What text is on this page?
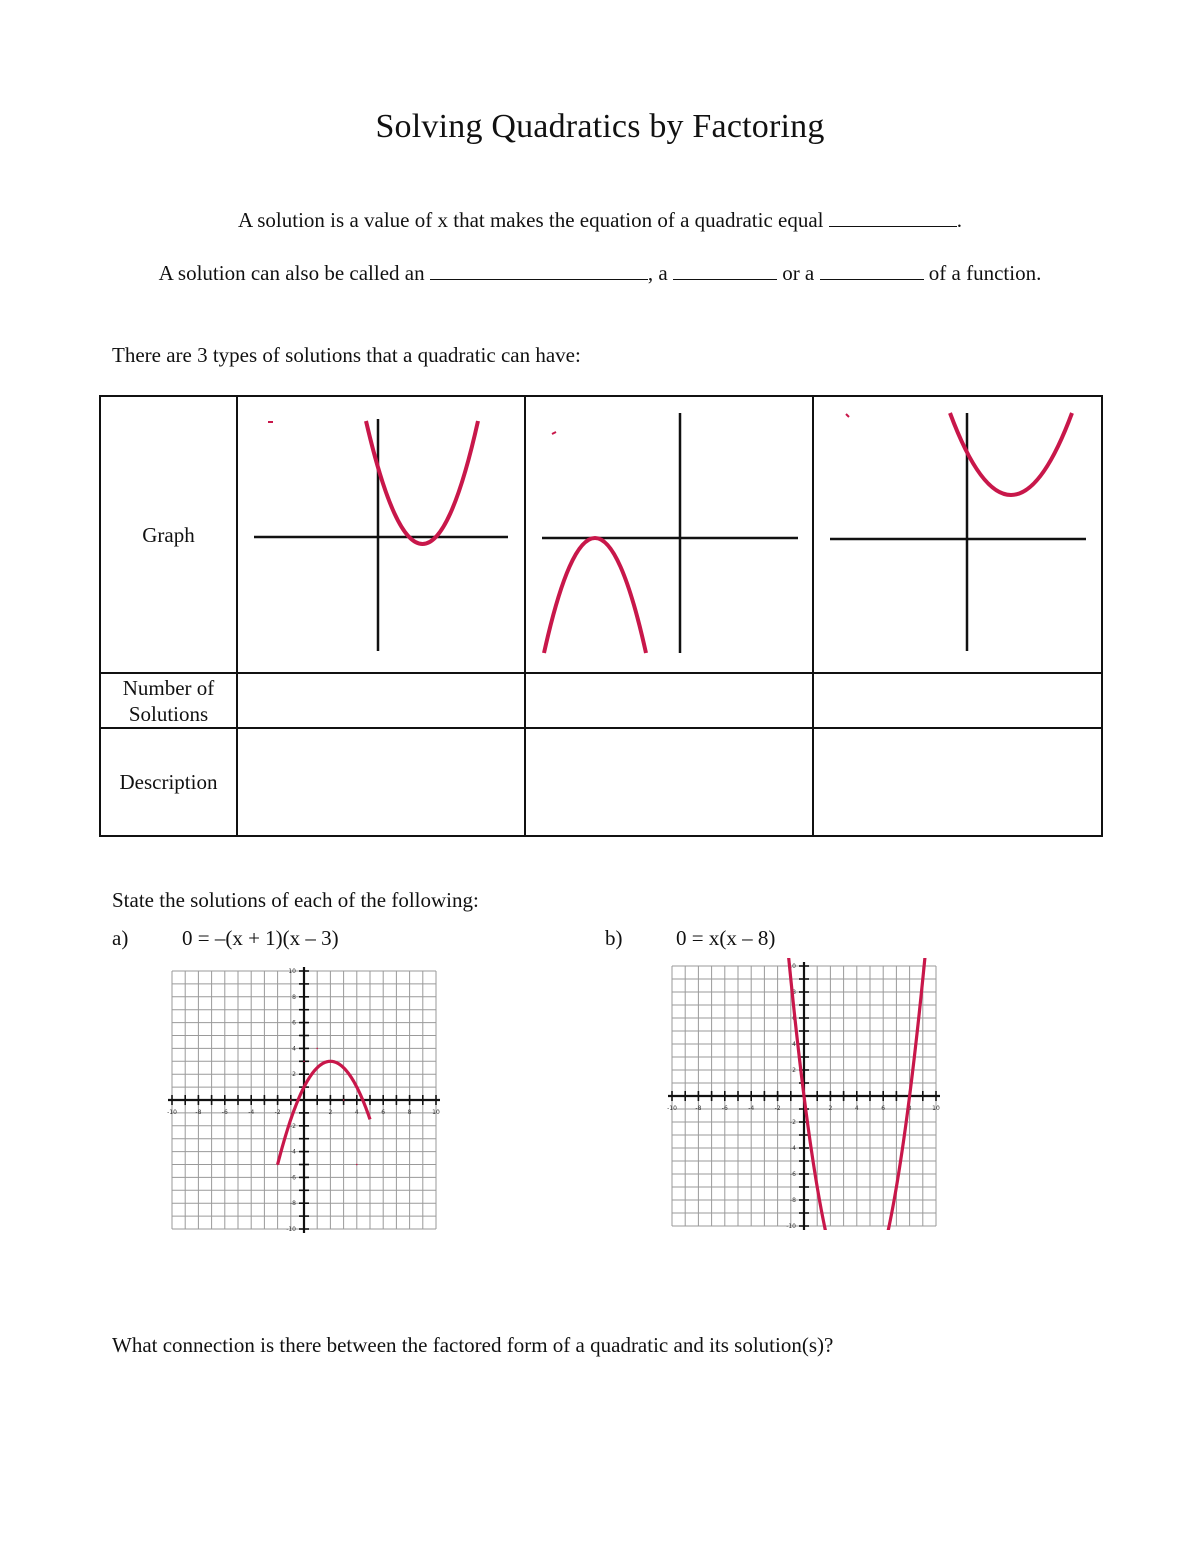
Solving Quadratics by Factoring
A solution is a value of x that makes the equation of a quadratic equal	.
A solution can also be called an	, a	or a	of a function.
There are 3 types of solutions that a quadratic can have:
Graph			

Number of
Solutions			

Description			
State the solutions of each of the following:
a)	0 = –(x + 1)(x – 3)	b)	0 = x(x – 8)
-10	-8	-6	-4	-2	2	4	6	8	10
-10
-8
-6
-4
-2
2
4
6
8
10
-10	-8	-6	-4	-2	2	4	6	8	10
-10
-8
-6
-4
-2
2
4
6
8
10
What connection is there between the factored form of a quadratic and its solution(s)?
